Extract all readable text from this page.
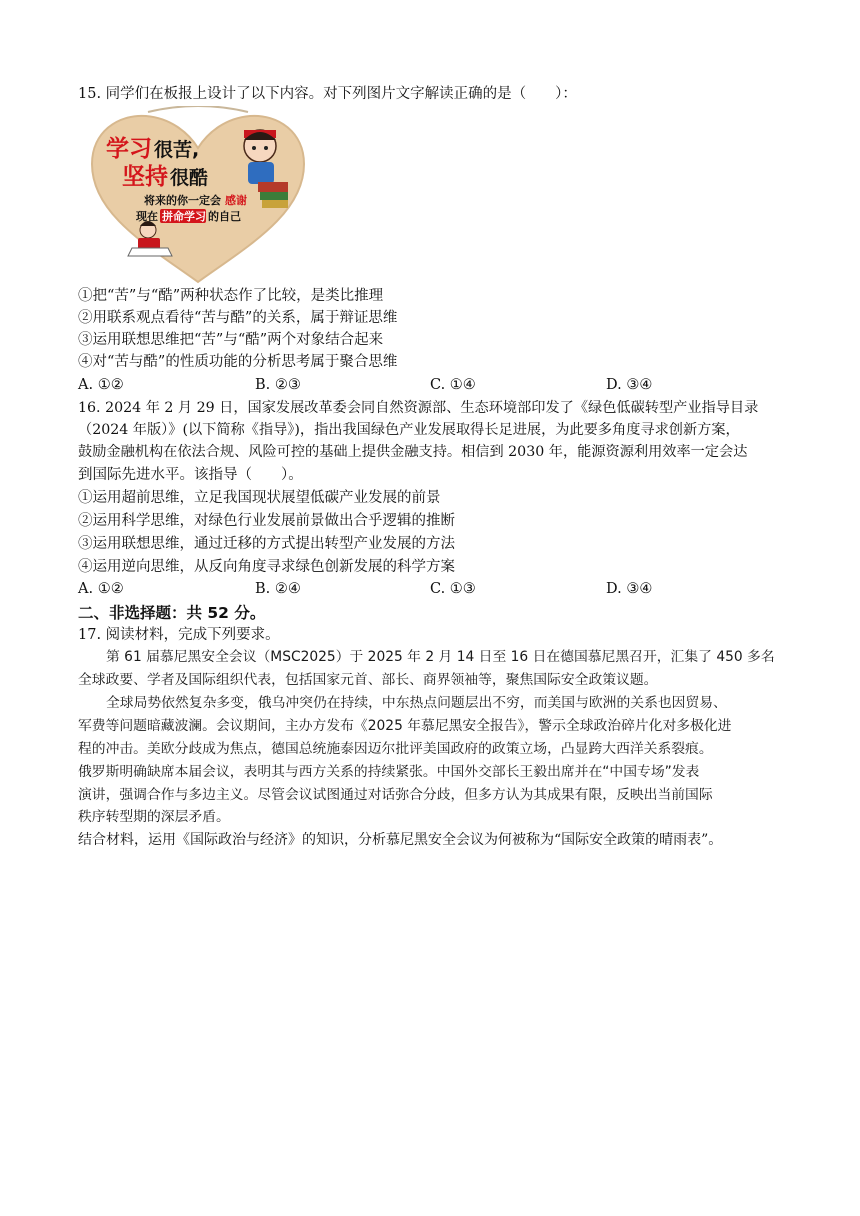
15. 同学们在板报上设计了以下内容。对下列图片文字解读正确的是（　　）：
学习 很苦,
坚持 很酷
将来的你一定会 感谢
现在 拼命学习 的自己
①把“苦”与“酷”两种状态作了比较，是类比推理
②用联系观点看待“苦与酷”的关系，属于辩证思维
③运用联想思维把“苦”与“酷”两个对象结合起来
④对“苦与酷”的性质功能的分析思考属于聚合思维
A. ①②	B. ②③	C. ①④	D. ③④
16. 2024 年 2 月 29 日，国家发展改革委会同自然资源部、生态环境部印发了《绿色低碳转型产业指导目录
（2024 年版）》(以下简称《指导》)，指出我国绿色产业发展取得长足进展，为此要多角度寻求创新方案，
鼓励金融机构在依法合规、风险可控的基础上提供金融支持。相信到 2030 年，能源资源利用效率一定会达
到国际先进水平。该指导（　　）。
①运用超前思维，立足我国现状展望低碳产业发展的前景
②运用科学思维，对绿色行业发展前景做出合乎逻辑的推断
③运用联想思维，通过迁移的方式提出转型产业发展的方法
④运用逆向思维，从反向角度寻求绿色创新发展的科学方案
A. ①②	B. ②④	C. ①③	D. ③④
二、非选择题：共 52 分。
17. 阅读材料，完成下列要求。
第 61 届慕尼黑安全会议（MSC2025）于 2025 年 2 月 14 日至 16 日在德国慕尼黑召开，汇集了 450 多名
全球政要、学者及国际组织代表，包括国家元首、部长、商界领袖等，聚焦国际安全政策议题。
全球局势依然复杂多变，俄乌冲突仍在持续，中东热点问题层出不穷，而美国与欧洲的关系也因贸易、
军费等问题暗藏波澜。会议期间，主办方发布《2025 年慕尼黑安全报告》，警示全球政治碎片化对多极化进
程的冲击。美欧分歧成为焦点，德国总统施泰因迈尔批评美国政府的政策立场，凸显跨大西洋关系裂痕。
俄罗斯明确缺席本届会议，表明其与西方关系的持续紧张。中国外交部长王毅出席并在“中国专场”发表
演讲，强调合作与多边主义。尽管会议试图通过对话弥合分歧，但多方认为其成果有限，反映出当前国际
秩序转型期的深层矛盾。
结合材料，运用《国际政治与经济》的知识，分析慕尼黑安全会议为何被称为“国际安全政策的晴雨表”。
